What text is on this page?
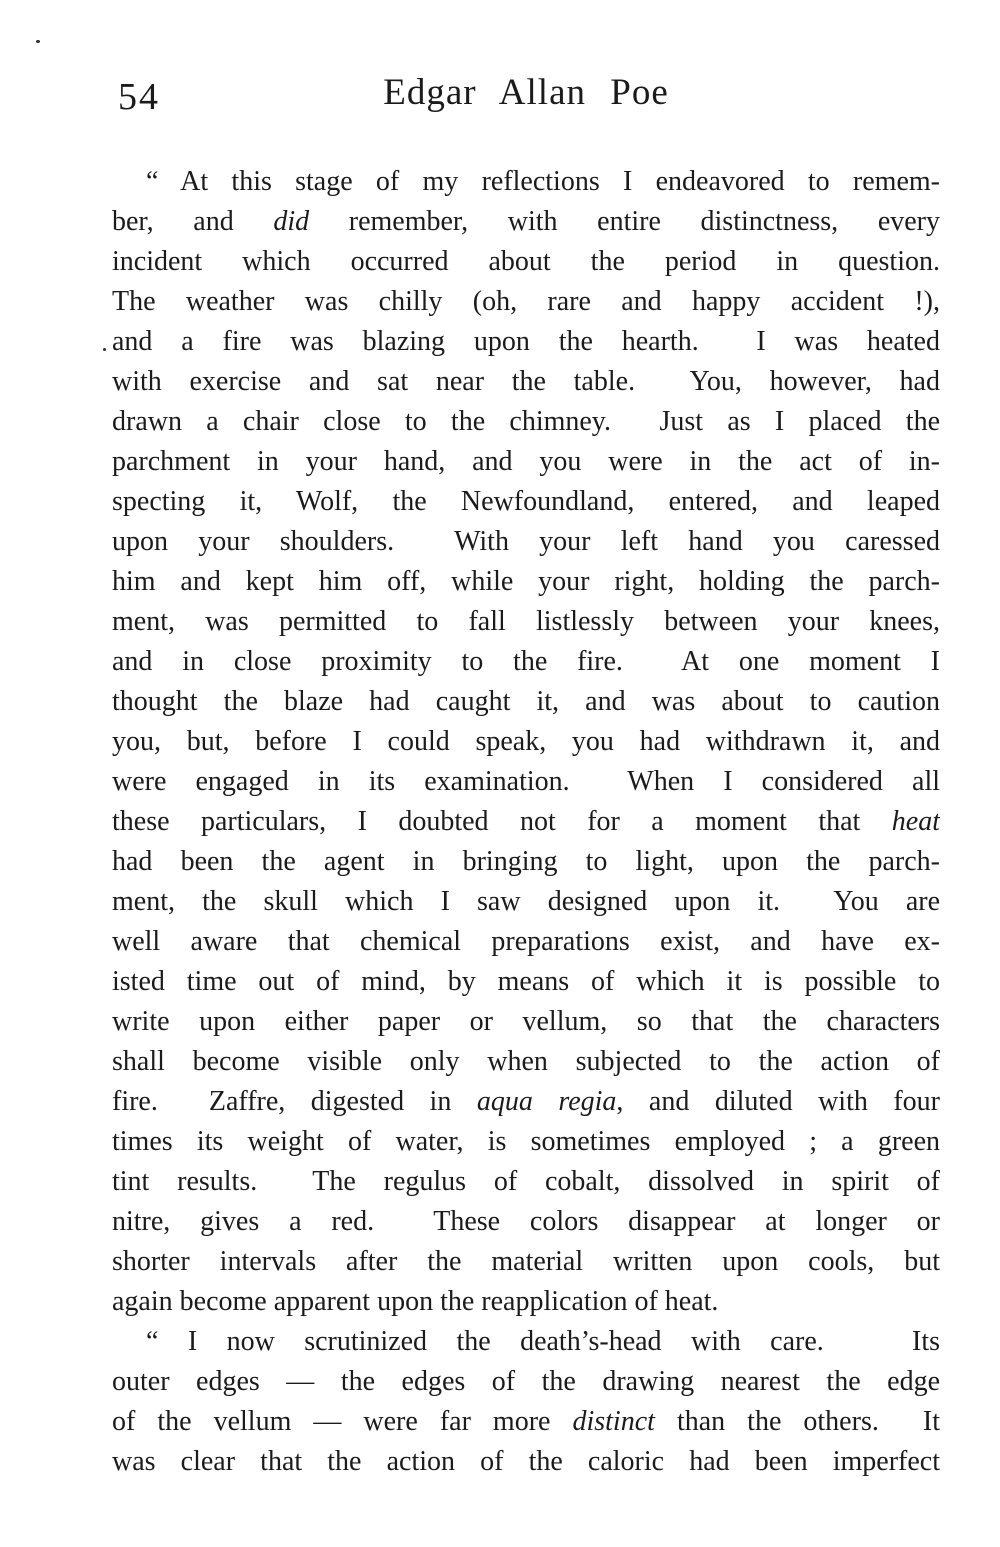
54	Edgar Allan Poe
“ At this stage of my reflections I endeavored to remem-
ber, and did remember, with entire distinctness, every
incident which occurred about the period in question.
The weather was chilly (oh, rare and happy accident !),
and a fire was blazing upon the hearth.  I was heated
with exercise and sat near the table.  You, however, had
drawn a chair close to the chimney.  Just as I placed the
parchment in your hand, and you were in the act of in-
specting it, Wolf, the Newfoundland, entered, and leaped
upon your shoulders.  With your left hand you caressed
him and kept him off, while your right, holding the parch-
ment, was permitted to fall listlessly between your knees,
and in close proximity to the fire.  At one moment I
thought the blaze had caught it, and was about to caution
you, but, before I could speak, you had withdrawn it, and
were engaged in its examination.  When I considered all
these particulars, I doubted not for a moment that heat
had been the agent in bringing to light, upon the parch-
ment, the skull which I saw designed upon it.  You are
well aware that chemical preparations exist, and have ex-
isted time out of mind, by means of which it is possible to
write upon either paper or vellum, so that the characters
shall become visible only when subjected to the action of
fire.  Zaffre, digested in aqua regia, and diluted with four
times its weight of water, is sometimes employed ; a green
tint results.  The regulus of cobalt, dissolved in spirit of
nitre, gives a red.  These colors disappear at longer or
shorter intervals after the material written upon cools, but
again become apparent upon the reapplication of heat.
“ I now scrutinized the death’s-head with care.   Its
outer edges — the edges of the drawing nearest the edge
of the vellum — were far more distinct than the others.  It
was clear that the action of the caloric had been imperfect
